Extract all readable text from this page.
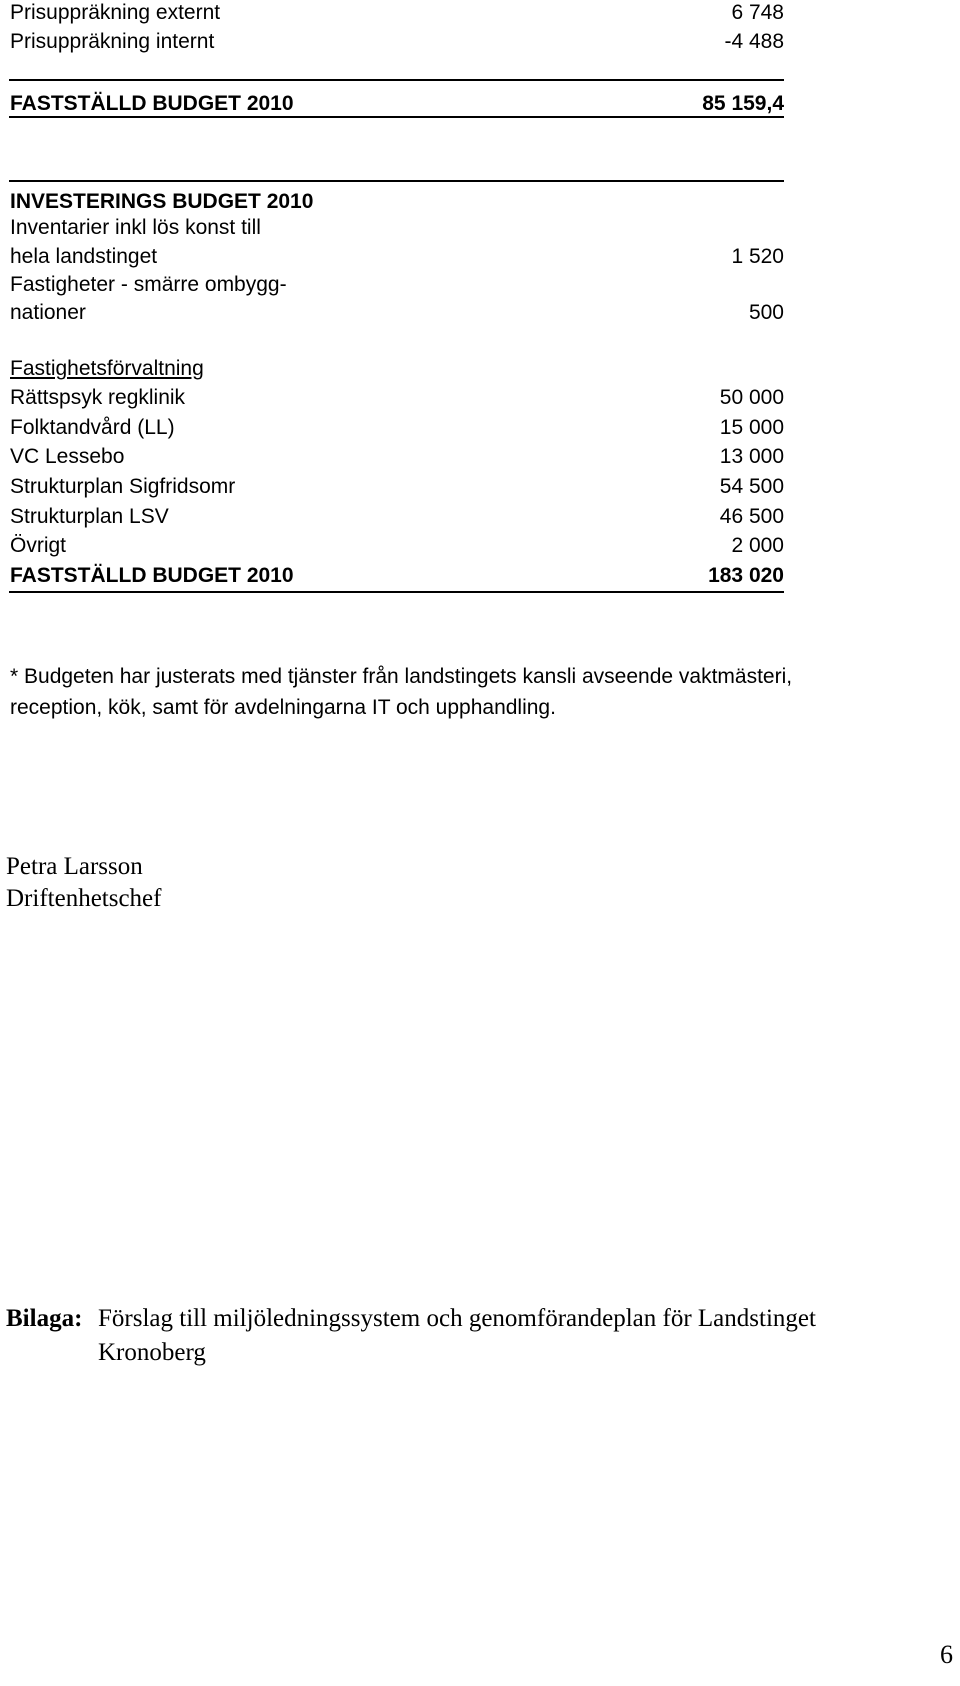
Prisuppräkning externt	6 748
Prisuppräkning internt	-4 488
FASTSTÄLLD BUDGET 2010	85 159,4
INVESTERINGS BUDGET 2010
Inventarier inkl lös konst till
hela landstinget	1 520
Fastigheter - smärre ombygg-
nationer	500
Fastighetsförvaltning
Rättspsyk regklinik	50 000
Folktandvård (LL)	15 000
VC Lessebo	13 000
Strukturplan Sigfridsomr	54 500
Strukturplan LSV	46 500
Övrigt	2 000
FASTSTÄLLD BUDGET 2010	183 020
* Budgeten har justerats med tjänster från landstingets kansli avseende vaktmästeri,
reception, kök, samt för avdelningarna IT och upphandling.
Petra Larsson
Driftenhetschef
Bilaga: Förslag till miljöledningssystem och genomförandeplan för Landstinget
Kronoberg
6
